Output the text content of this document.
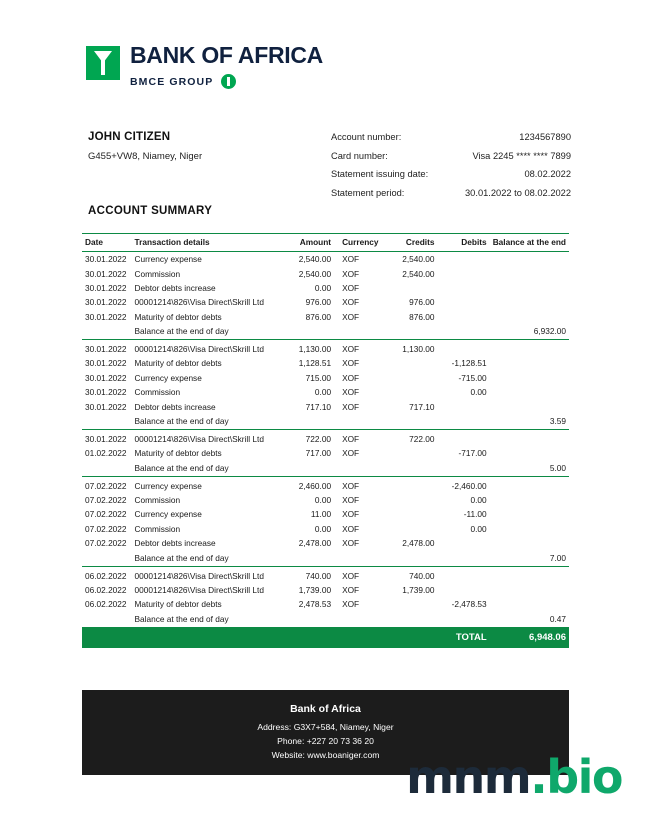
BANK OF AFRICA
BMCE GROUP
JOHN CITIZEN
G455+VW8, Niamey, Niger
Account number:	1234567890
Card number:	Visa 2245 **** **** 7899
Statement issuing date:	08.02.2022
Statement period:	30.01.2022 to 08.02.2022
ACCOUNT SUMMARY
Date	Transaction details	Amount	Currency	Credits	Debits	Balance at the end
30.01.2022	Currency expense	2,540.00	XOF	2,540.00		
30.01.2022	Commission	2,540.00	XOF	2,540.00		
30.01.2022	Debtor debts increase	0.00	XOF			
30.01.2022	00001214\826\Visa Direct\Skrill Ltd	976.00	XOF	976.00		
30.01.2022	Maturity of debtor debts	876.00	XOF	876.00		
	Balance at the end of day					6,932.00
30.01.2022	00001214\826\Visa Direct\Skrill Ltd	1,130.00	XOF	1,130.00		
30.01.2022	Maturity of debtor debts	1,128.51	XOF		-1,128.51	
30.01.2022	Currency expense	715.00	XOF		-715.00	
30.01.2022	Commission	0.00	XOF		0.00	
30.01.2022	Debtor debts increase	717.10	XOF	717.10		
	Balance at the end of day					3.59
30.01.2022	00001214\826\Visa Direct\Skrill Ltd	722.00	XOF	722.00		
01.02.2022	Maturity of debtor debts	717.00	XOF		-717.00	
	Balance at the end of day					5.00
07.02.2022	Currency expense	2,460.00	XOF		-2,460.00	
07.02.2022	Commission	0.00	XOF		0.00	
07.02.2022	Currency expense	11.00	XOF		-11.00	
07.02.2022	Commission	0.00	XOF		0.00	
07.02.2022	Debtor debts increase	2,478.00	XOF	2,478.00		
	Balance at the end of day					7.00
06.02.2022	00001214\826\Visa Direct\Skrill Ltd	740.00	XOF	740.00		
06.02.2022	00001214\826\Visa Direct\Skrill Ltd	1,739.00	XOF	1,739.00		
06.02.2022	Maturity of debtor debts	2,478.53	XOF		-2,478.53	
	Balance at the end of day					0.47
					TOTAL	6,948.06
Bank of Africa
Address: G3X7+584, Niamey, Niger
Phone: +227 20 73 36 20
Website: www.boaniger.com mnm.bio
